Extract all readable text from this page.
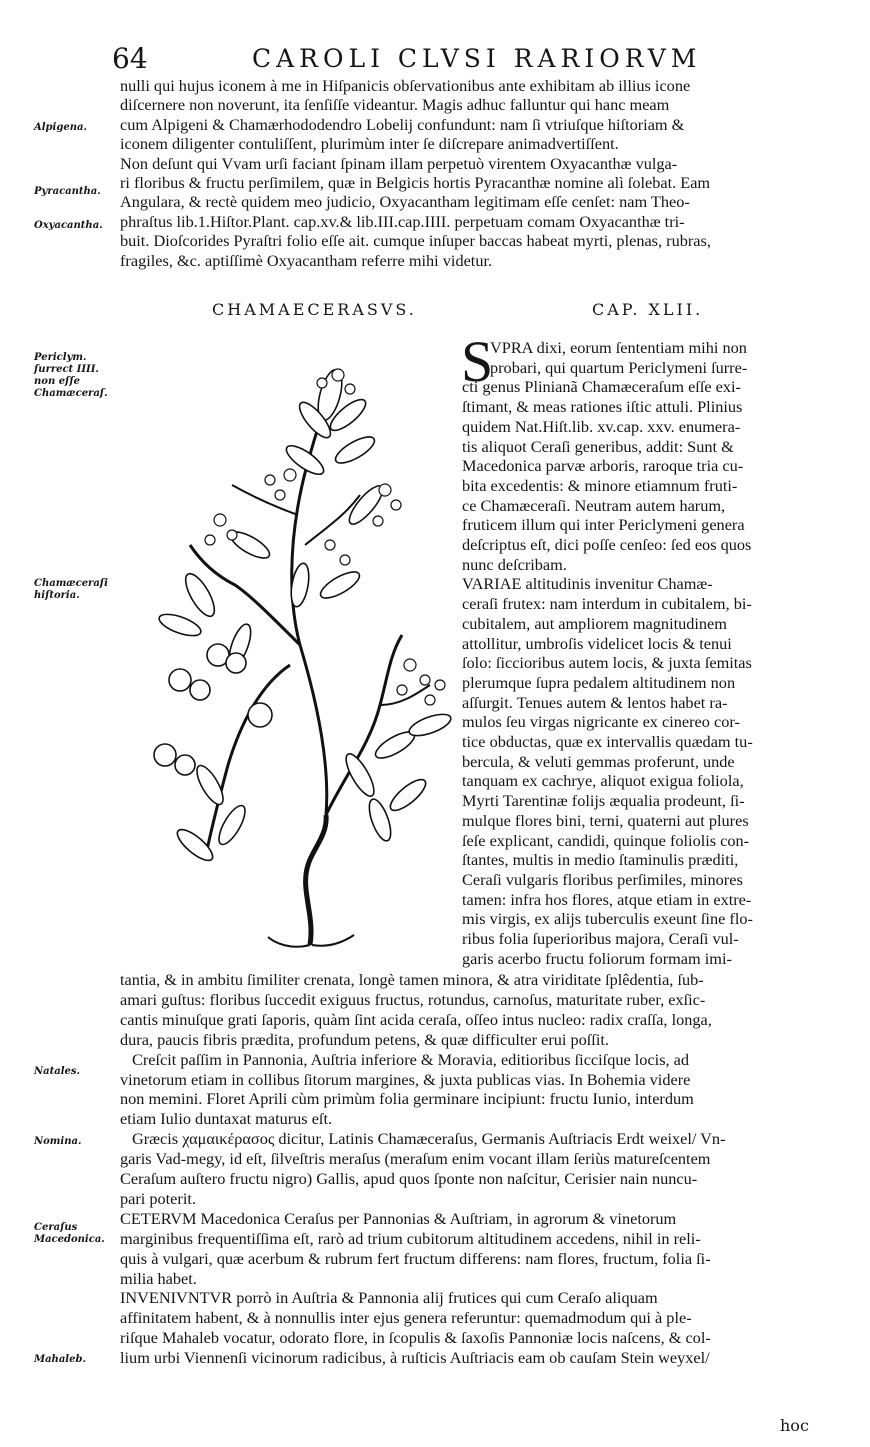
64	CAROLI CLVSI RARIORVM
nulli qui hujus iconem à me in Hiſpanicis obſervationibus ante exhibitam ab illius icone
diſcernere non noverunt, ita ſenſiſſe videantur. Magis adhuc falluntur qui hanc meam
cum Alpigeni & Chamærhododendro Lobelij confundunt: nam ſi vtriuſque hiſtoriam &
iconem diligenter contuliſſent, plurimùm inter ſe diſcrepare animadvertiſſent.
Non deſunt qui Vvam urſi faciant ſpinam illam perpetuò virentem Oxyacanthæ vulga-
ri floribus & fructu perſimilem, quæ in Belgicis hortis Pyracanthæ nomine alì ſolebat. Eam
Angulara, & rectè quidem meo judicio, Oxyacantham legitimam eſſe cenſet: nam Theo-
phraſtus lib.1.Hiſtor.Plant. cap.xv.& lib.III.cap.IIII. perpetuam comam Oxyacanthæ tri-
buit. Dioſcorides Pyraſtri folio eſſe ait. cumque inſuper baccas habeat myrti, plenas, rubras,
fragiles, &c. aptiſſimè Oxyacantham referre mihi videtur.
Alpigena.
Pyracantha.
Oxyacantha.
Periclym. ſurrect IIII. non eſſe Chamæceraſ.
Chamæceraſi hiſtoria.
Natales.
Nomina.
Ceraſus Macedonica.
Mahaleb.
CHAMAECERASVS.	CAP. XLII.
S
VPRA dixi, eorum ſententiam mihi non
probari, qui quartum Periclymeni ſurre-
cti genus Plinianã Chamæceraſum eſſe exi-
ſtimant, & meas rationes iſtic attuli. Plinius
quidem Nat.Hiſt.lib. xv.cap. xxv. enumera-
tis aliquot Ceraſi generibus, addit: Sunt &
Macedonica parvæ arboris, raroque tria cu-
bita excedentis: & minore etiamnum fruti-
ce Chamæceraſi. Neutram autem harum,
fruticem illum qui inter Periclymeni genera
deſcriptus eſt, dici poſſe cenſeo: ſed eos quos
nunc deſcribam.
VARIAE altitudinis invenitur Chamæ-
ceraſi frutex: nam interdum in cubitalem, bi-
cubitalem, aut ampliorem magnitudinem
attollitur, umbroſis videlicet locis & tenui
ſolo: ſiccioribus autem locis, & juxta ſemitas
plerumque ſupra pedalem altitudinem non
aſſurgit. Tenues autem & lentos habet ra-
mulos ſeu virgas nigricante ex cinereo cor-
tice obductas, quæ ex intervallis quædam tu-
bercula, & veluti gemmas proferunt, unde
tanquam ex cachrye, aliquot exigua foliola,
Myrti Tarentinæ folijs æqualia prodeunt, ſi-
mulque flores bini, terni, quaterni aut plures
ſeſe explicant, candidi, quinque foliolis con-
ſtantes, multis in medio ſtaminulis præditi,
Ceraſi vulgaris floribus perſimiles, minores
tamen: infra hos flores, atque etiam in extre-
mis virgis, ex alijs tuberculis exeunt ſine flo-
ribus folia ſuperioribus majora, Ceraſi vul-
garis acerbo fructu foliorum formam imi-
tantia, & in ambitu ſimiliter crenata, longè tamen minora, & atra viriditate ſplêdentia, ſub-
amari guſtus: floribus ſuccedit exiguus fructus, rotundus, carnoſus, maturitate ruber, exſic-
cantis minuſque grati ſaporis, quàm ſint acida ceraſa, oſſeo intus nucleo: radix craſſa, longa,
dura, paucis fibris prædita, profundum petens, & quæ difficulter erui poſſit.
Creſcit paſſim in Pannonia, Auſtria inferiore & Moravia, editioribus ſicciſque locis, ad
vinetorum etiam in collibus ſitorum margines, & juxta publicas vias. In Bohemia videre
non memini. Floret Aprili cùm primùm folia germinare incipiunt: fructu Iunio, interdum
etiam Iulio duntaxat maturus eſt.
Græcis χαμαικέρασος dicitur, Latinis Chamæceraſus, Germanis Auſtriacis Erdt weixel/ Vn-
garis Vad-megy, id eſt, ſilveſtris meraſus (meraſum enim vocant illam ſeriùs matureſcentem
Ceraſum auſtero fructu nigro) Gallis, apud quos ſponte non naſcitur, Cerisier nain nuncu-
pari poterit.
CETERVM Macedonica Ceraſus per Pannonias & Auſtriam, in agrorum & vinetorum
marginibus frequentiſſima eſt, rarò ad trium cubitorum altitudinem accedens, nihil in reli-
quis à vulgari, quæ acerbum & rubrum fert fructum differens: nam flores, fructum, folia ſi-
milia habet.
INVENIVNTVR porrò in Auſtria & Pannonia alij frutices qui cum Ceraſo aliquam
affinitatem habent, & à nonnullis inter ejus genera referuntur: quemadmodum qui à ple-
riſque Mahaleb vocatur, odorato flore, in ſcopulis & ſaxoſis Pannoniæ locis naſcens, & col-
lium urbi Viennenſi vicinorum radicibus, à ruſticis Auſtriacis eam ob cauſam Stein weyxel/
hoc
